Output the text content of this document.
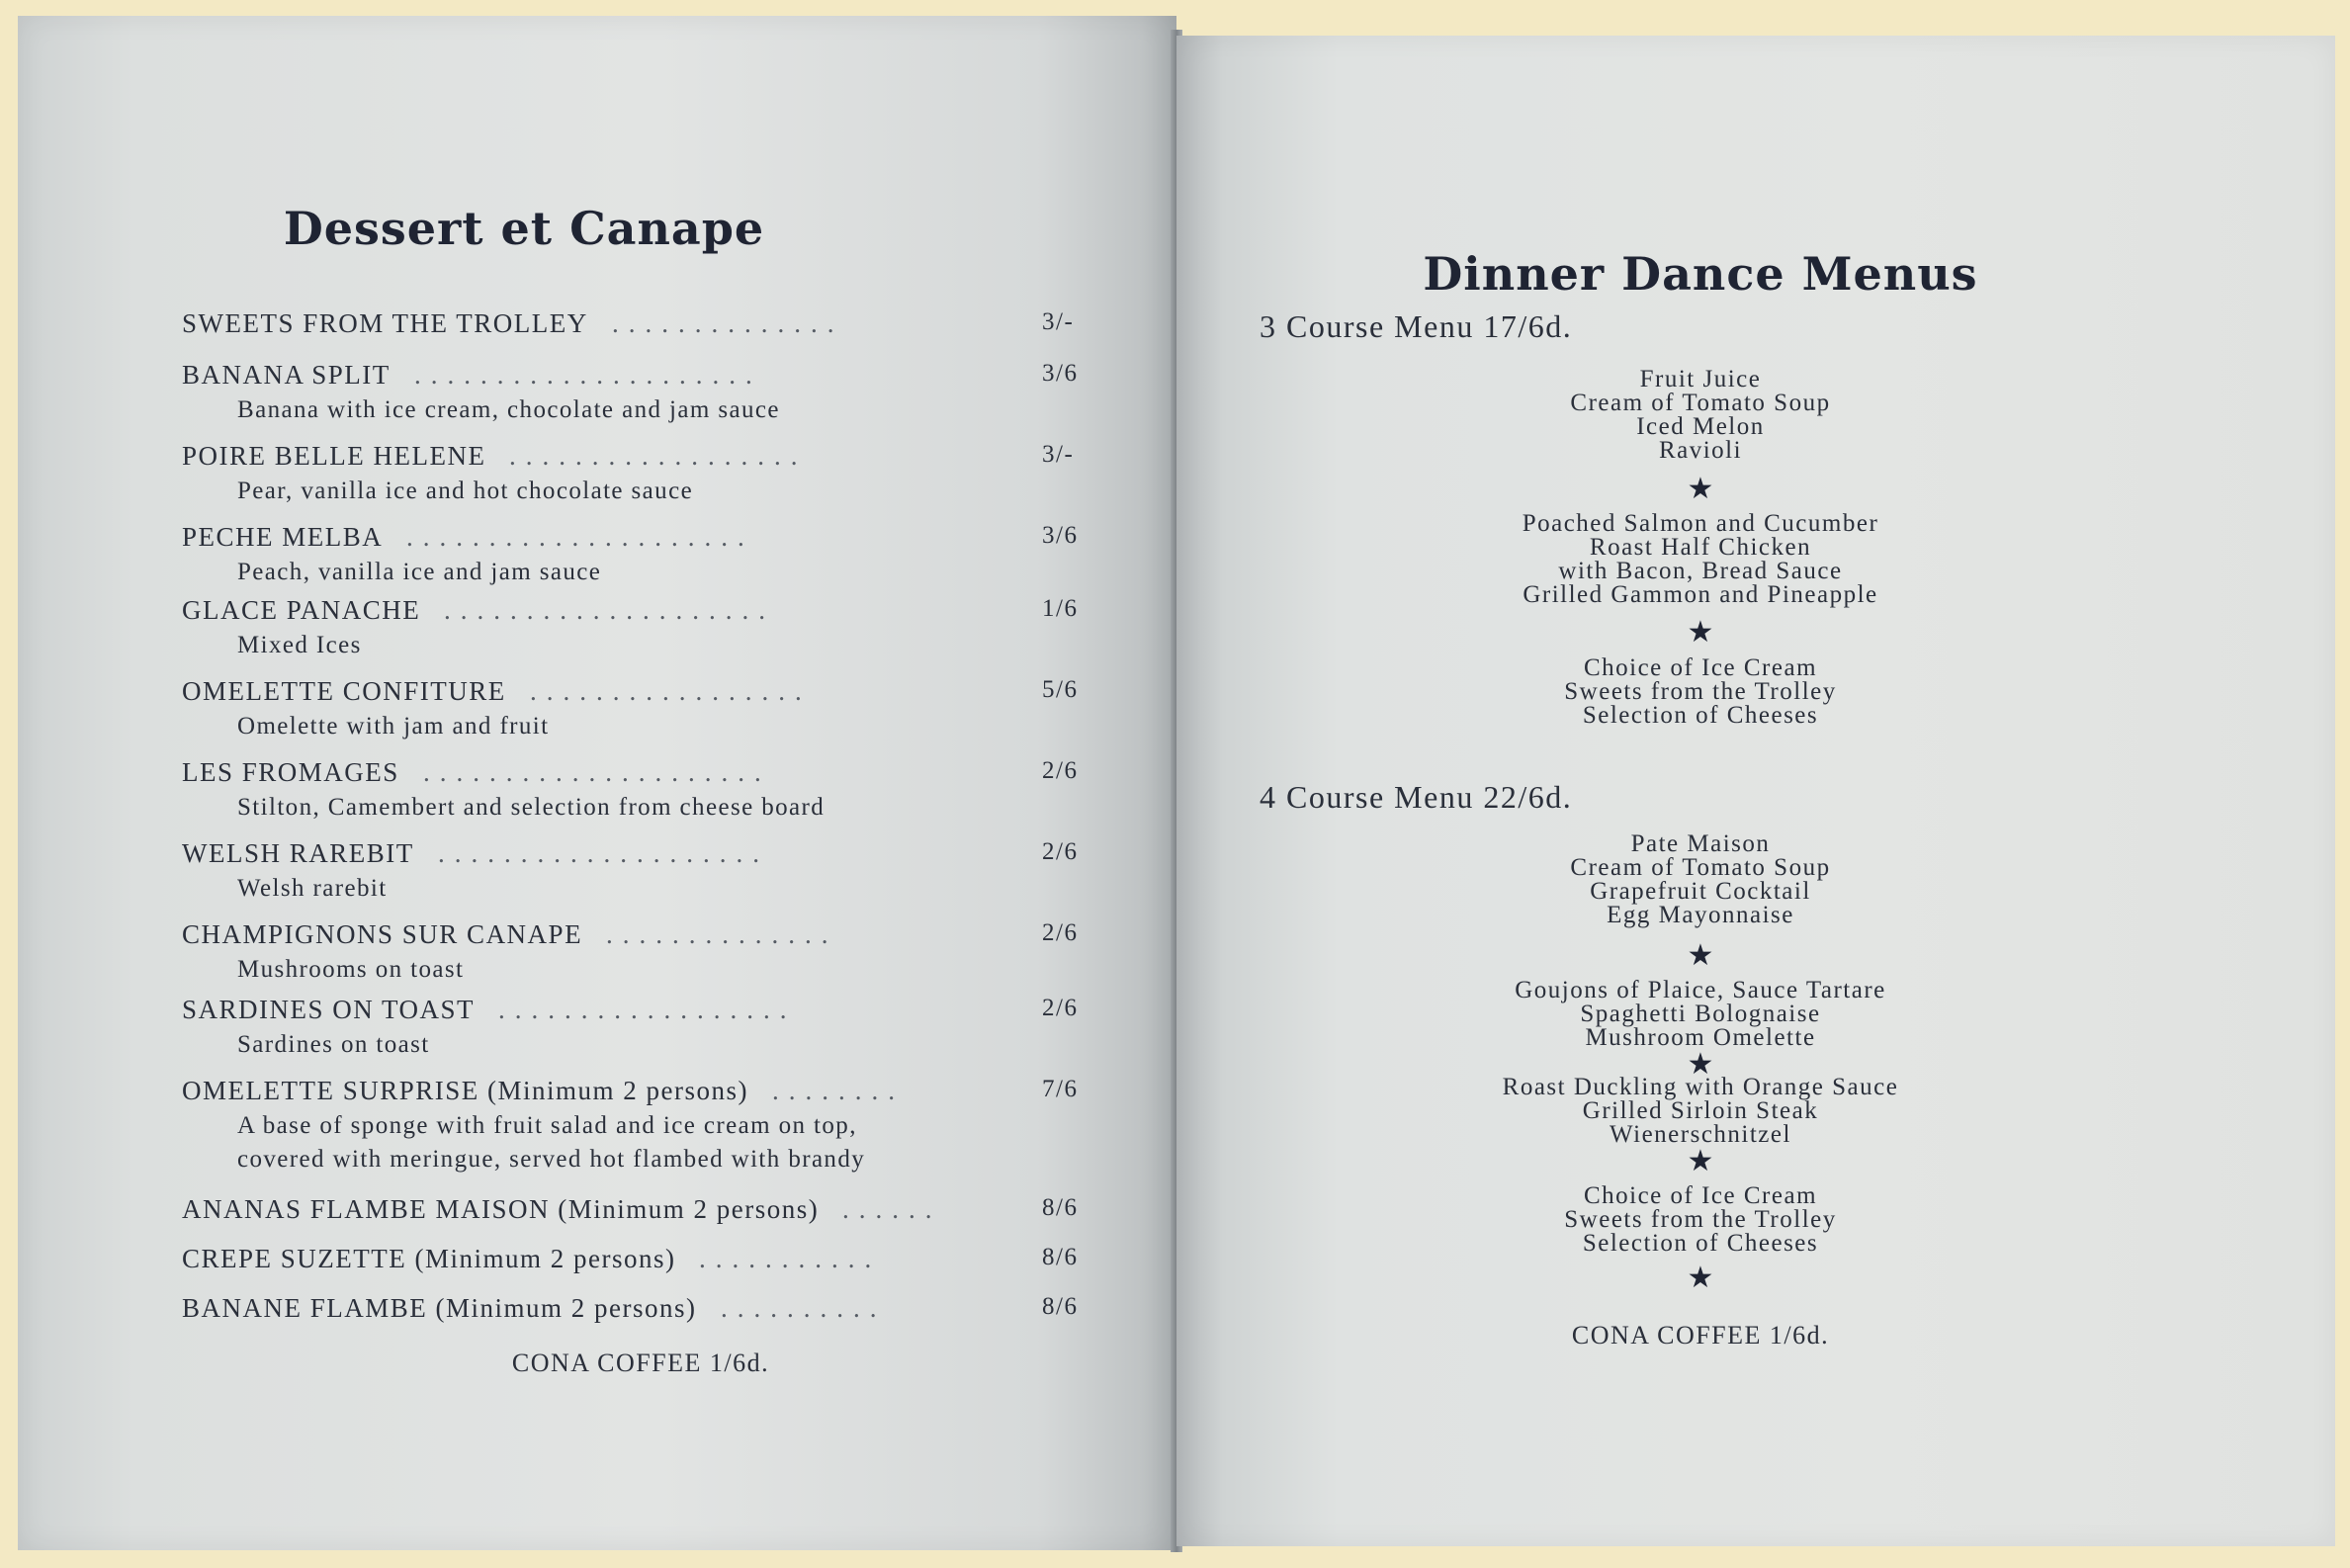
Dessert et Canape
SWEETS FROM THE TROLLEY ..............	3/-
BANANA SPLIT .....................	3/6
Banana with ice cream, chocolate and jam sauce
POIRE BELLE HELENE ..................	3/-
Pear, vanilla ice and hot chocolate sauce
PECHE MELBA .....................	3/6
Peach, vanilla ice and jam sauce
GLACE PANACHE ....................	1/6
Mixed Ices
OMELETTE CONFITURE .................	5/6
Omelette with jam and fruit
LES FROMAGES .....................	2/6
Stilton, Camembert and selection from cheese board
WELSH RAREBIT ....................	2/6
Welsh rarebit
CHAMPIGNONS SUR CANAPE ..............	2/6
Mushrooms on toast
SARDINES ON TOAST ..................	2/6
Sardines on toast
OMELETTE SURPRISE (Minimum 2 persons) ........	7/6
A base of sponge with fruit salad and ice cream on top,
covered with meringue, served hot flambed with brandy
ANANAS FLAMBE MAISON (Minimum 2 persons) ......	8/6
CREPE SUZETTE (Minimum 2 persons) ...........	8/6
BANANE FLAMBE (Minimum 2 persons) ..........	8/6
CONA COFFEE 1/6d.
Dinner Dance Menus
3 Course Menu 17/6d.
Fruit Juice
Cream of Tomato Soup
Iced Melon
Ravioli
★
Poached Salmon and Cucumber
Roast Half Chicken
with Bacon, Bread Sauce
Grilled Gammon and Pineapple
★
Choice of Ice Cream
Sweets from the Trolley
Selection of Cheeses
4 Course Menu 22/6d.
Pate Maison
Cream of Tomato Soup
Grapefruit Cocktail
Egg Mayonnaise
★
Goujons of Plaice, Sauce Tartare
Spaghetti Bolognaise
Mushroom Omelette
★
Roast Duckling with Orange Sauce
Grilled Sirloin Steak
Wienerschnitzel
★
Choice of Ice Cream
Sweets from the Trolley
Selection of Cheeses
★
CONA COFFEE 1/6d.
